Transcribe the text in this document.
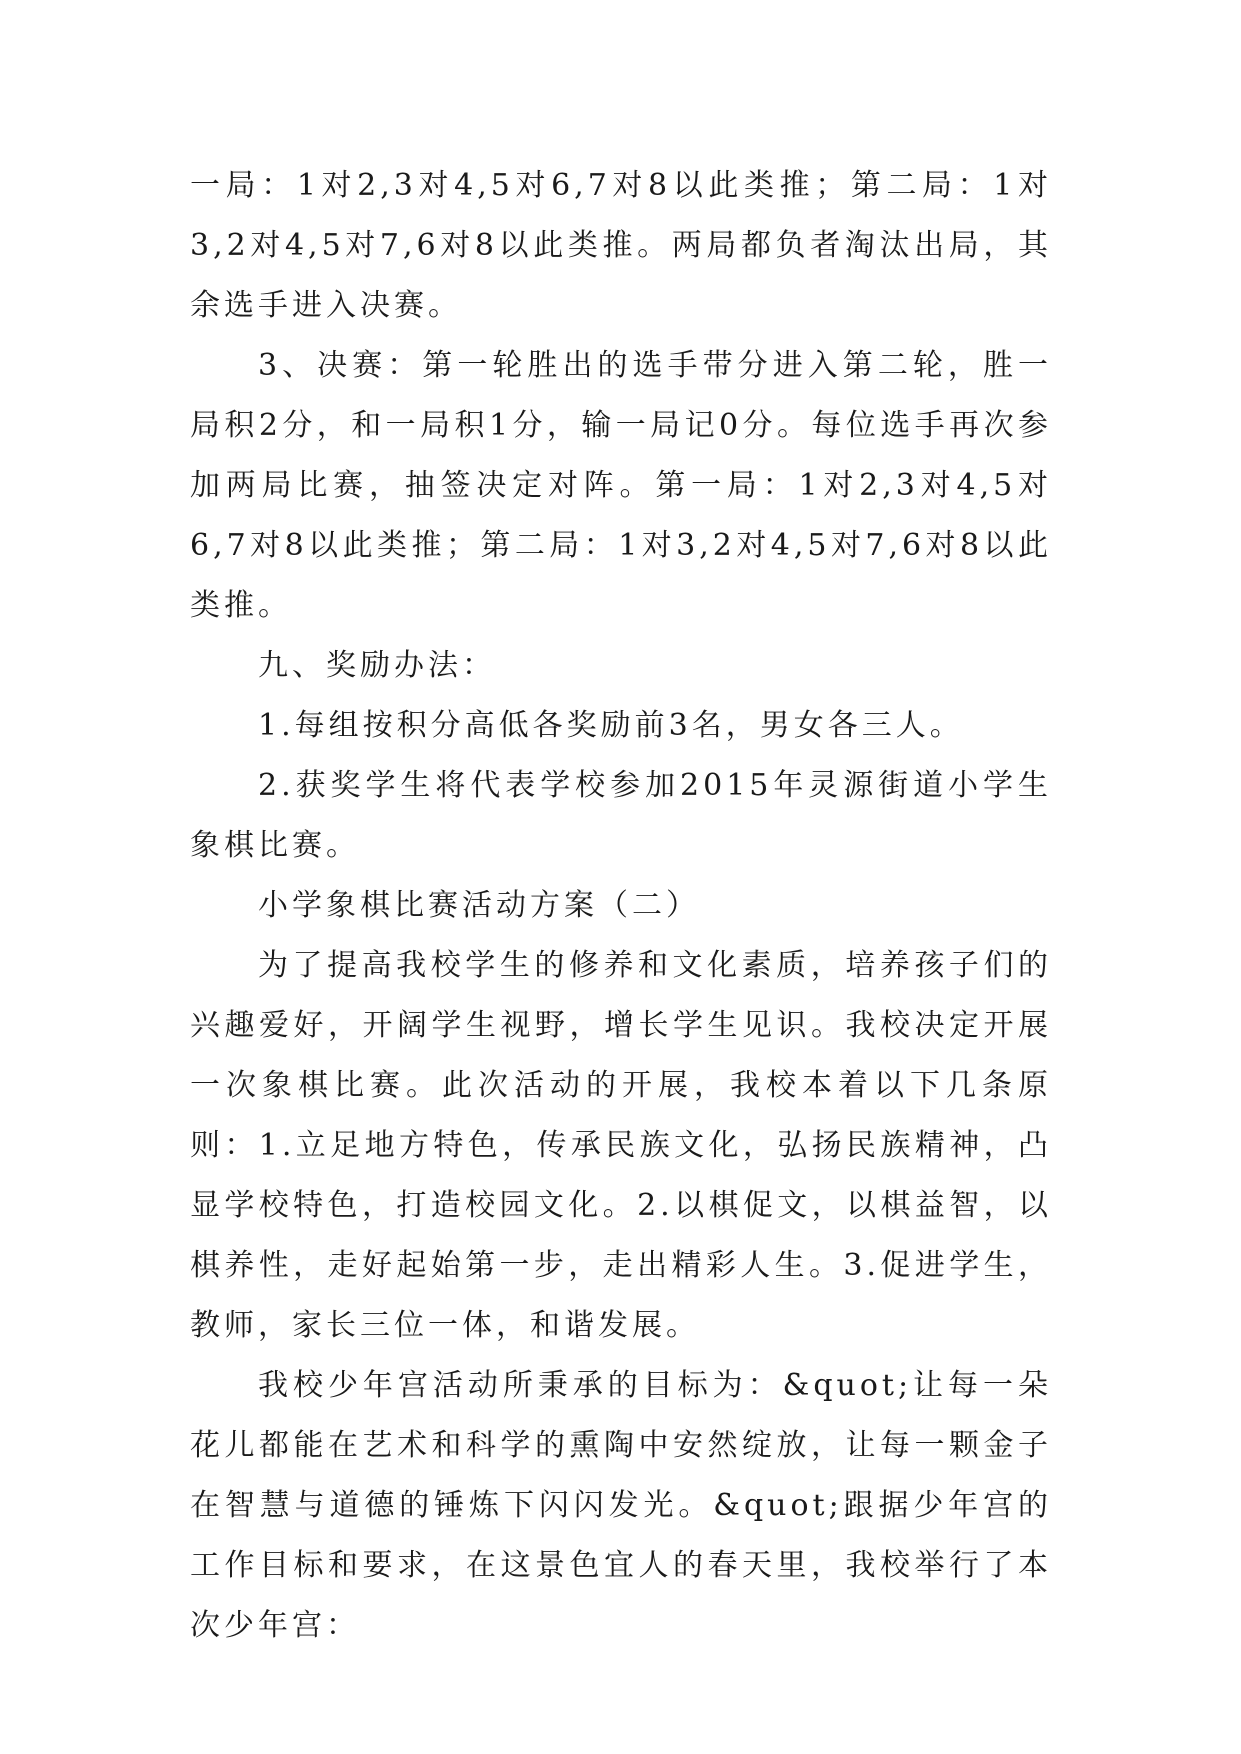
一局：1对2,3对4,5对6,7对8以此类推；第二局：1对3,2对4,5对7,6对8以此类推。两局都负者淘汰出局，其余选手进入决赛。

3、决赛：第一轮胜出的选手带分进入第二轮，胜一局积2分，和一局积1分，输一局记0分。每位选手再次参加两局比赛，抽签决定对阵。第一局：1对2,3对4,5对6,7对8以此类推；第二局：1对3,2对4,5对7,6对8以此类推。

九、奖励办法：

1.每组按积分高低各奖励前3名，男女各三人。

2.获奖学生将代表学校参加2015年灵源街道小学生象棋比赛。

小学象棋比赛活动方案（二）

为了提高我校学生的修养和文化素质，培养孩子们的兴趣爱好，开阔学生视野，增长学生见识。我校决定开展一次象棋比赛。此次活动的开展，我校本着以下几条原则：1.立足地方特色，传承民族文化，弘扬民族精神，凸显学校特色，打造校园文化。2.以棋促文，以棋益智，以棋养性，走好起始第一步，走出精彩人生。3.促进学生，教师，家长三位一体，和谐发展。

我校少年宫活动所秉承的目标为：&quot;让每一朵花儿都能在艺术和科学的熏陶中安然绽放，让每一颗金子在智慧与道德的锤炼下闪闪发光。&quot;跟据少年宫的工作目标和要求，在这景色宜人的春天里，我校举行了本次少年宫：
